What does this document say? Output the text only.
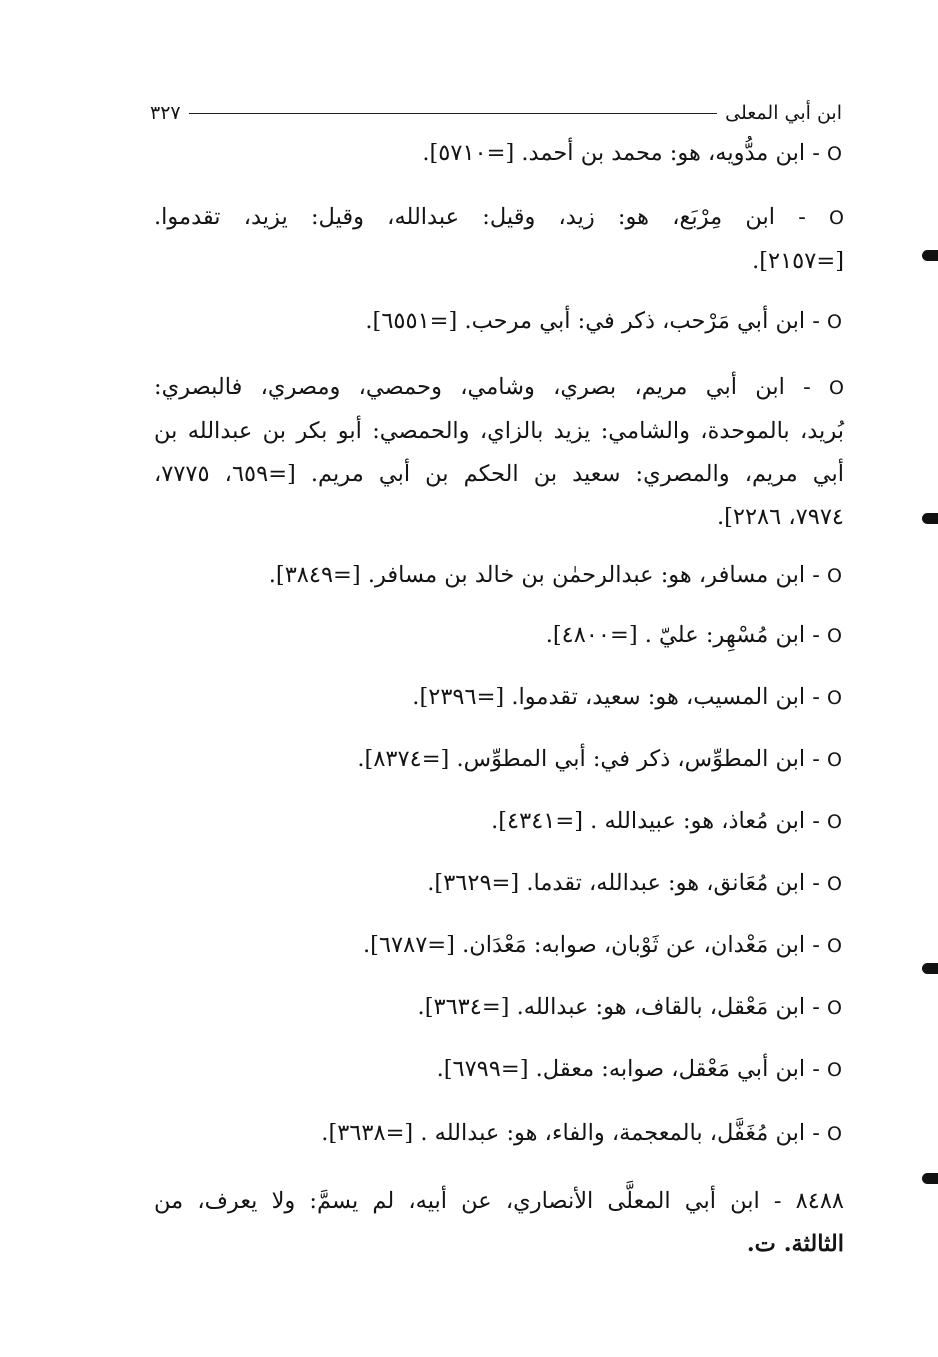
ابن أبي المعلى
٣٢٧

O - ابن مدُّويه، هو: محمد بن أحمد. [=٥٧١٠].

O - ابن مِرْبَع، هو: زيد، وقيل: عبدالله، وقيل: يزيد، تقدموا.
[=٢١٥٧].

O - ابن أبي مَرْحب، ذكر في: أبي مرحب. [=٦٥٥١].

O - ابن أبي مريم، بصري، وشامي، وحمصي، ومصري، فالبصري:
بُريد، بالموحدة، والشامي: يزيد بالزاي، والحمصي: أبو بكر بن عبدالله بن
أبي مريم، والمصري: سعيد بن الحكم بن أبي مريم. [=٦٥٩، ٧٧٧٥،
٧٩٧٤، ٢٢٨٦].

O - ابن مسافر، هو: عبدالرحمٰن بن خالد بن مسافر. [=٣٨٤٩].

O - ابن مُسْهِر: عليّ . [=٤٨٠٠].

O - ابن المسيب، هو: سعيد، تقدموا. [=٢٣٩٦].

O - ابن المطوِّس، ذكر في: أبي المطوِّس. [=٨٣٧٤].

O - ابن مُعاذ، هو: عبيدالله . [=٤٣٤١].

O - ابن مُعَانق، هو: عبدالله، تقدما. [=٣٦٢٩].

O - ابن مَعْدان، عن ثَوْبان، صوابه: مَعْدَان. [=٦٧٨٧].

O - ابن مَعْقل، بالقاف، هو: عبدالله. [=٣٦٣٤].

O - ابن أبي مَعْقل، صوابه: معقل. [=٦٧٩٩].

O - ابن مُغَفَّل، بالمعجمة، والفاء، هو: عبدالله . [=٣٦٣٨].

٨٤٨٨ - ابن أبي المعلَّى الأنصاري، عن أبيه، لم يسمَّ: ولا يعرف، من
الثالثة. ت.
